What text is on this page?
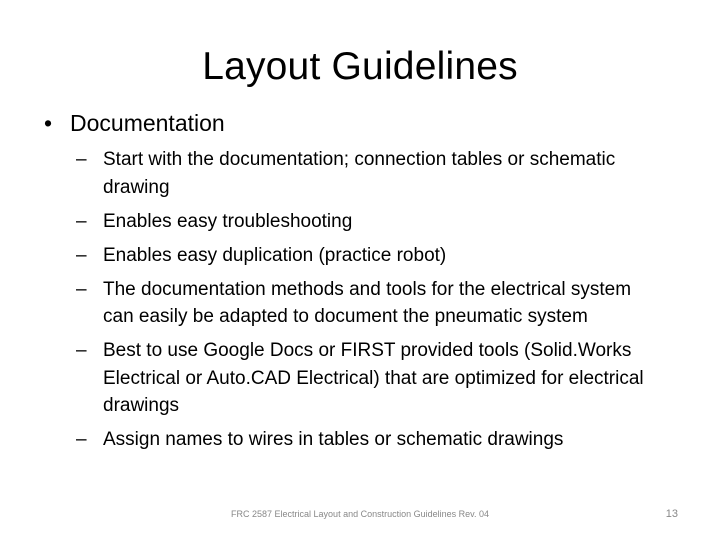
Layout Guidelines
• Documentation
– Start with the documentation; connection tables or schematic drawing
– Enables easy troubleshooting
– Enables easy duplication (practice robot)
– The documentation methods and tools for the electrical system can easily be adapted to document the pneumatic system
– Best to use Google Docs or FIRST provided tools (Solid.Works Electrical or Auto.CAD Electrical) that are optimized for electrical drawings
– Assign names to wires in tables or schematic drawings
FRC 2587 Electrical Layout and Construction Guidelines Rev. 04	13
